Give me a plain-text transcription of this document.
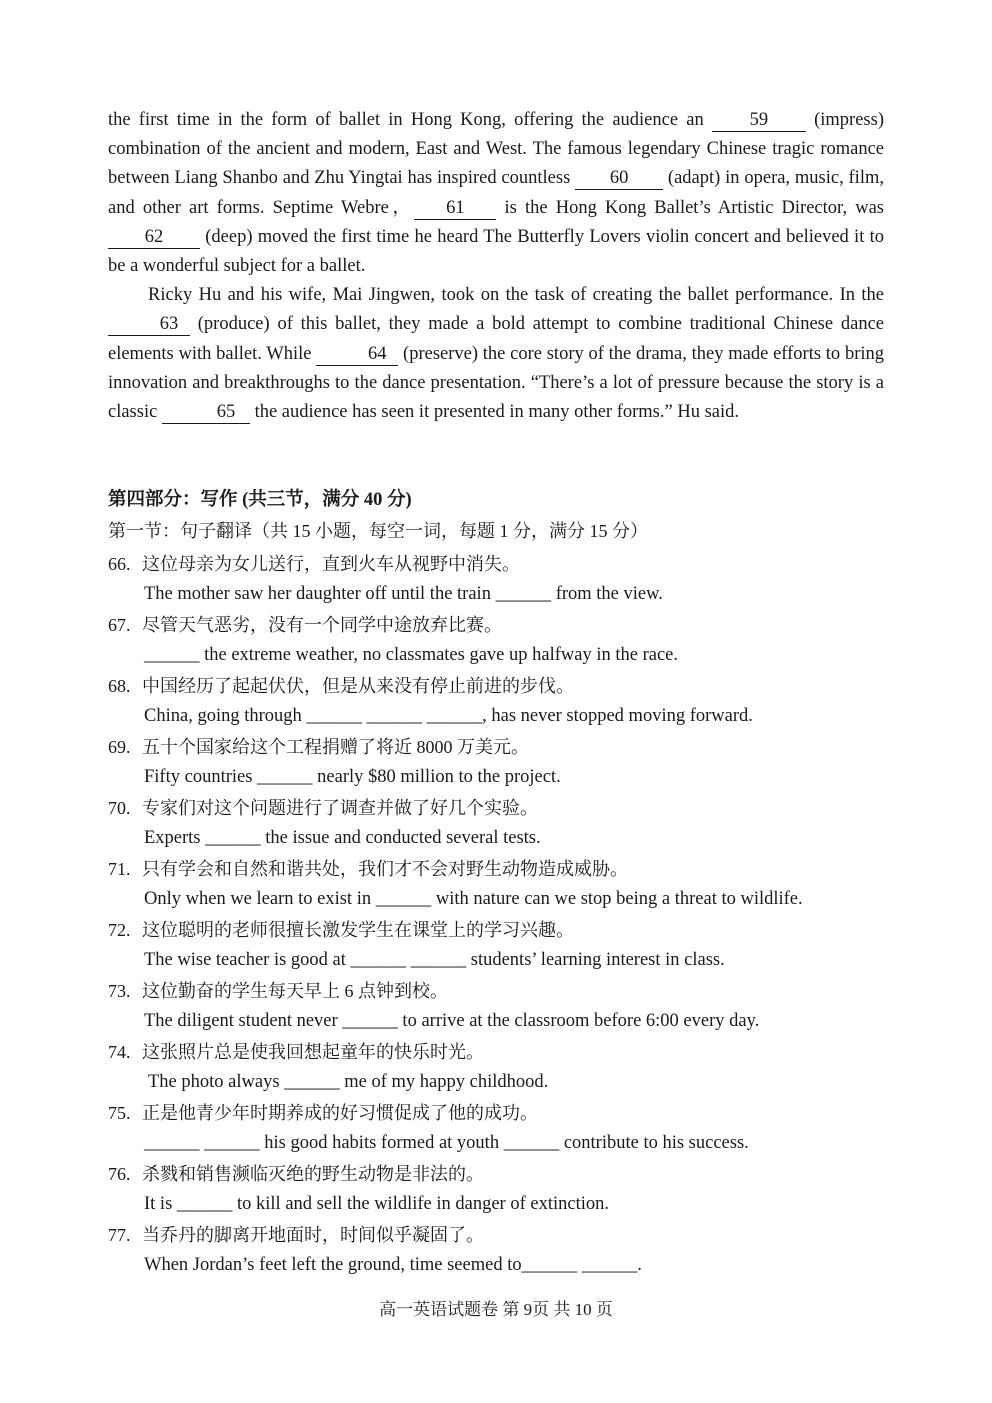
the first time in the form of ballet in Hong Kong, offering the audience an 59 (impress) combination of the ancient and modern, East and West. The famous legendary Chinese tragic romance between Liang Shanbo and Zhu Yingtai has inspired countless 60 (adapt) in opera, music, film, and other art forms. Septime Webre， 61 is the Hong Kong Ballet’s Artistic Director, was 62 (deep) moved the first time he heard The Butterfly Lovers violin concert and believed it to be a wonderful subject for a ballet.

Ricky Hu and his wife, Mai Jingwen, took on the task of creating the ballet performance. In the 63 (produce) of this ballet, they made a bold attempt to combine traditional Chinese dance elements with ballet. While	64 (preserve) the core story of the drama, they made efforts to bring innovation and breakthroughs to the dance presentation. “There’s a lot of pressure because the story is a classic	65 the audience has seen it presented in many other forms.” Hu said.

第四部分：写作 (共三节，满分 40 分)
第一节：句子翻译（共 15 小题，每空一词，每题 1 分，满分 15 分）
66. 这位母亲为女儿送行，直到火车从视野中消失。
The mother saw her daughter off until the train ______ from the view.
67. 尽管天气恶劣，没有一个同学中途放弃比赛。
______ the extreme weather, no classmates gave up halfway in the race.
68. 中国经历了起起伏伏，但是从来没有停止前进的步伐。
China, going through ______ ______ ______, has never stopped moving forward.
69. 五十个国家给这个工程捐赠了将近 8000 万美元。
Fifty countries ______ nearly $80 million to the project.
70. 专家们对这个问题进行了调查并做了好几个实验。
Experts ______ the issue and conducted several tests.
71. 只有学会和自然和谐共处，我们才不会对野生动物造成威胁。
Only when we learn to exist in ______ with nature can we stop being a threat to wildlife.
72. 这位聪明的老师很擅长激发学生在课堂上的学习兴趣。
The wise teacher is good at ______ ______ students’ learning interest in class.
73. 这位勤奋的学生每天早上 6 点钟到校。
The diligent student never ______ to arrive at the classroom before 6:00 every day.
74. 这张照片总是使我回想起童年的快乐时光。
The photo always ______ me of my happy childhood.
75. 正是他青少年时期养成的好习惯促成了他的成功。
______ ______ his good habits formed at youth ______ contribute to his success.
76. 杀戮和销售濒临灭绝的野生动物是非法的。
It is ______ to kill and sell the wildlife in danger of extinction.
77. 当乔丹的脚离开地面时，时间似乎凝固了。
When Jordan’s feet left the ground, time seemed to______ ______.
高一英语试题卷 第 9页 共 10 页
